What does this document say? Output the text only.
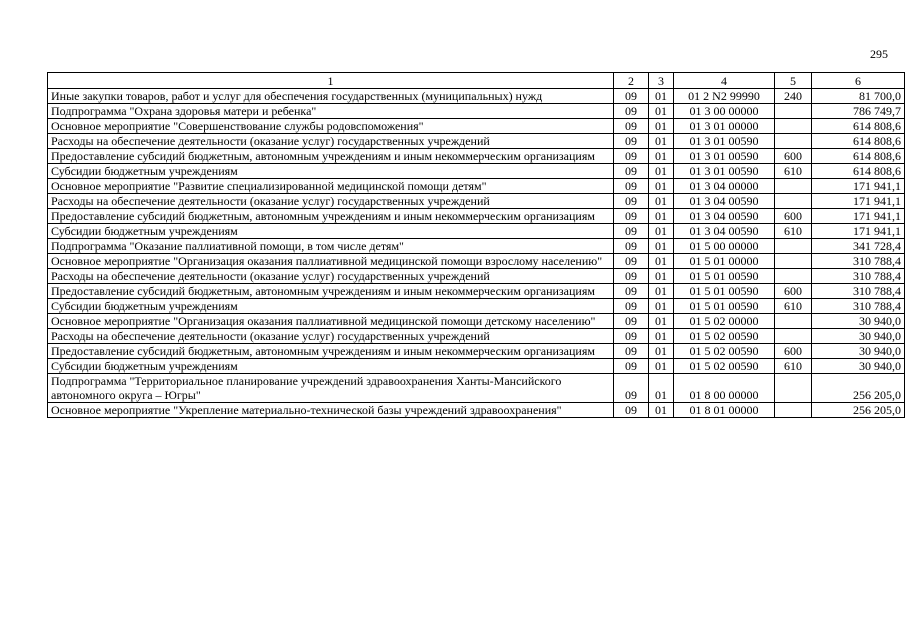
295
1	2	3	4	5	6
Иные закупки товаров, работ и услуг для обеспечения государственных (муниципальных) нужд	09	01	01 2 N2 99990	240	81 700,0
Подпрограмма "Охрана здоровья матери и ребенка"	09	01	01 3 00 00000		786 749,7
Основное мероприятие "Совершенствование службы родовспоможения"	09	01	01 3 01 00000		614 808,6
Расходы на обеспечение деятельности (оказание услуг) государственных учреждений	09	01	01 3 01 00590		614 808,6
Предоставление субсидий бюджетным, автономным учреждениям и иным некоммерческим организациям	09	01	01 3 01 00590	600	614 808,6
Субсидии бюджетным учреждениям	09	01	01 3 01 00590	610	614 808,6
Основное мероприятие "Развитие специализированной медицинской помощи детям"	09	01	01 3 04 00000		171 941,1
Расходы на обеспечение деятельности (оказание услуг) государственных учреждений	09	01	01 3 04 00590		171 941,1
Предоставление субсидий бюджетным, автономным учреждениям и иным некоммерческим организациям	09	01	01 3 04 00590	600	171 941,1
Субсидии бюджетным учреждениям	09	01	01 3 04 00590	610	171 941,1
Подпрограмма "Оказание паллиативной помощи, в том числе детям"	09	01	01 5 00 00000		341 728,4
Основное мероприятие "Организация оказания паллиативной медицинской помощи взрослому населению"	09	01	01 5 01 00000		310 788,4
Расходы на обеспечение деятельности (оказание услуг) государственных учреждений	09	01	01 5 01 00590		310 788,4
Предоставление субсидий бюджетным, автономным учреждениям и иным некоммерческим организациям	09	01	01 5 01 00590	600	310 788,4
Субсидии бюджетным учреждениям	09	01	01 5 01 00590	610	310 788,4
Основное мероприятие "Организация оказания паллиативной медицинской помощи детскому населению"	09	01	01 5 02 00000		30 940,0
Расходы на обеспечение деятельности (оказание услуг) государственных учреждений	09	01	01 5 02 00590		30 940,0
Предоставление субсидий бюджетным, автономным учреждениям и иным некоммерческим организациям	09	01	01 5 02 00590	600	30 940,0
Субсидии бюджетным учреждениям	09	01	01 5 02 00590	610	30 940,0
Подпрограмма "Территориальное планирование учреждений здравоохранения Ханты-Мансийского автономного округа – Югры"	09	01	01 8 00 00000		256 205,0
Основное мероприятие "Укрепление материально-технической базы учреждений здравоохранения"	09	01	01 8 01 00000		256 205,0
